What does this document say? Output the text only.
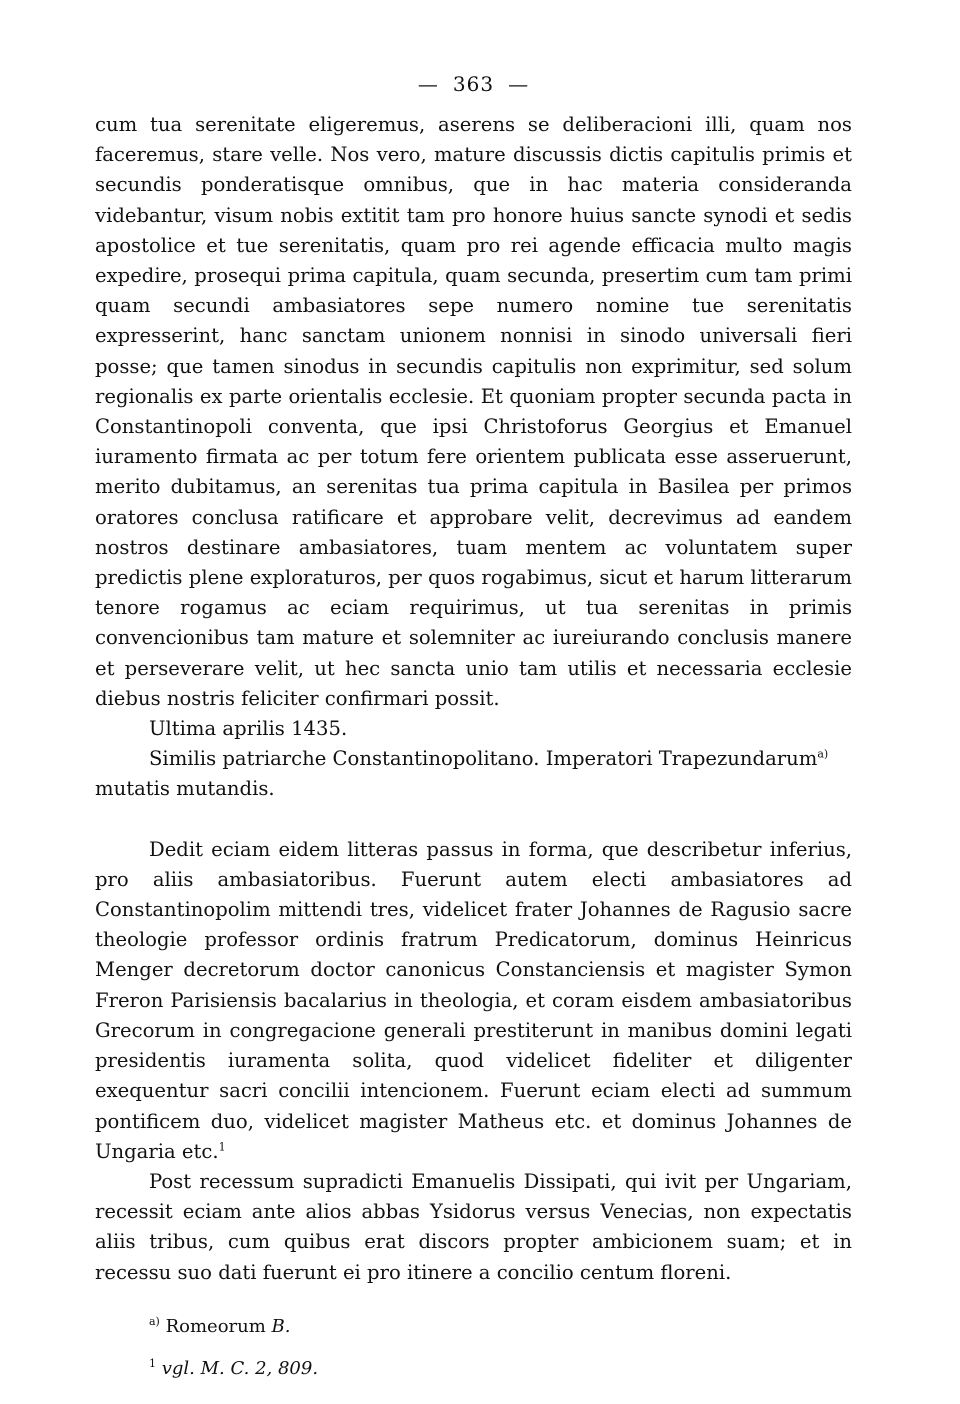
— 363 —

cum tua serenitate eligeremus, aserens se deliberacioni illi, quam nos faceremus, stare velle. Nos vero, mature discussis dictis capitulis primis et secundis ponderatisque omnibus, que in hac materia consideranda videbantur, visum nobis extitit tam pro honore huius sancte synodi et sedis apostolice et tue serenitatis, quam pro rei agende efficacia multo magis expedire, prosequi prima capitula, quam secunda, presertim cum tam primi quam secundi ambasiatores sepe numero nomine tue serenitatis expresserint, hanc sanctam unionem nonnisi in sinodo universali fieri posse; que tamen sinodus in secundis capitulis non exprimitur, sed solum regionalis ex parte orientalis ecclesie. Et quoniam propter secunda pacta in Constantinopoli conventa, que ipsi Christoforus Georgius et Emanuel iuramento firmata ac per totum fere orientem publicata esse asseruerunt, merito dubitamus, an serenitas tua prima capitula in Basilea per primos oratores conclusa ratificare et approbare velit, decrevimus ad eandem nostros destinare ambasiatores, tuam mentem ac voluntatem super predictis plene exploraturos, per quos rogabimus, sicut et harum litterarum tenore rogamus ac eciam requirimus, ut tua serenitas in primis convencionibus tam mature et solemniter ac iureiurando conclusis manere et perseverare velit, ut hec sancta unio tam utilis et necessaria ecclesie diebus nostris feliciter confirmari possit.

Ultima aprilis 1435.

Similis patriarche Constantinopolitano. Imperatori Trapezundarum$^{a)}$

mutatis mutandis.

Dedit eciam eidem litteras passus in forma, que describetur inferius, pro aliis ambasiatoribus. Fuerunt autem electi ambasiatores ad Constantinopolim mittendi tres, videlicet frater Johannes de Ragusio sacre theologie professor ordinis fratrum Predicatorum, dominus Heinricus Menger decretorum doctor canonicus Constanciensis et magister Symon Freron Parisiensis bacalarius in theologia, et coram eisdem ambasiatoribus Grecorum in congregacione generali prestiterunt in manibus domini legati presidentis iuramenta solita, quod videlicet fideliter et diligenter exequentur sacri concilii intencionem. Fuerunt eciam electi ad summum pontificem duo, videlicet magister Matheus etc. et dominus Johannes de Ungaria etc.$^1$

Post recessum supradicti Emanuelis Dissipati, qui ivit per Ungariam, recessit eciam ante alios abbas Ysidorus versus Venecias, non expectatis aliis tribus, cum quibus erat discors propter ambicionem suam; et in recessu suo dati fuerunt ei pro itinere a concilio centum floreni.

$^{a)}$ Romeorum B.

$^1$ vgl. M. C. 2, 809.
